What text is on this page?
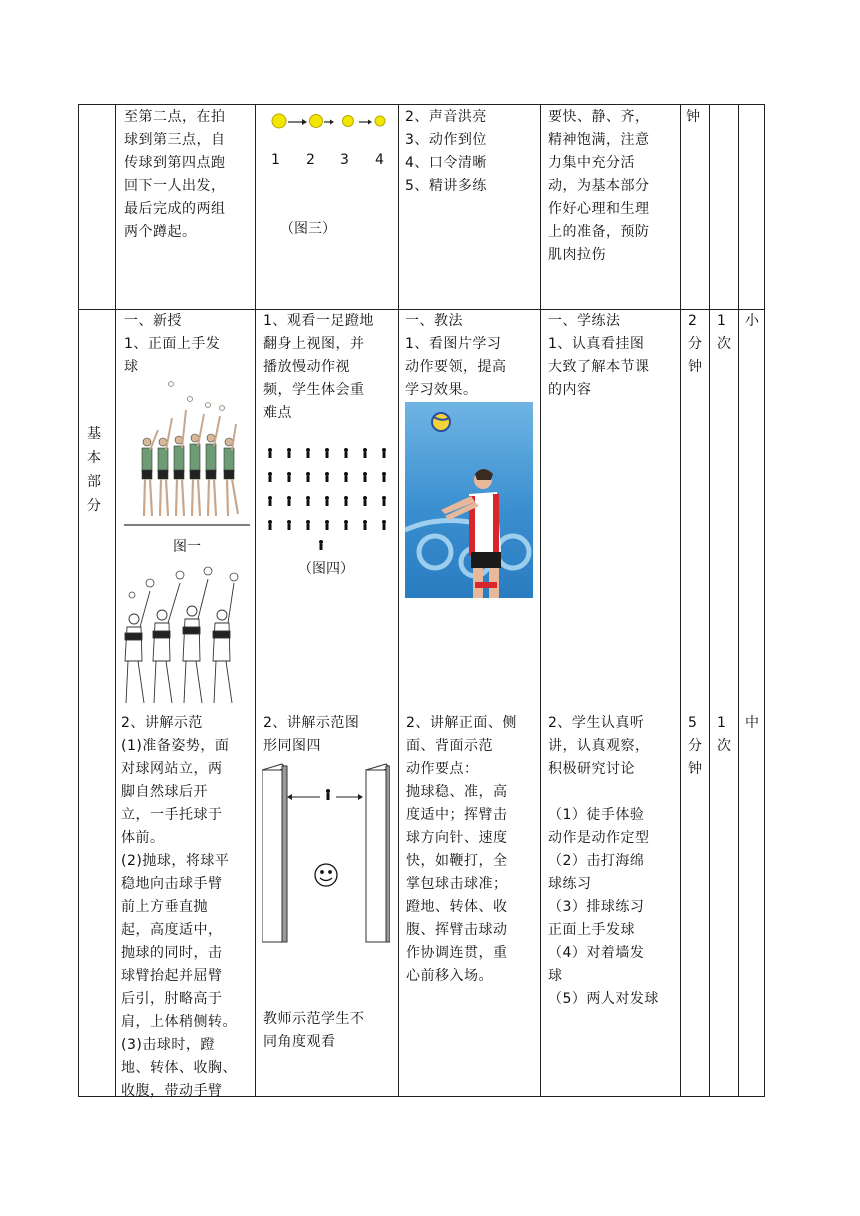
至第二点，在拍
球到第三点，自
传球到第四点跑
回下一人出发，
最后完成的两组
两个蹲起。
1 2 3 4
（图三）
2、声音洪亮
3、动作到位
4、口令清晰
5、精讲多练
要快、静、齐，
精神饱满，注意
力集中充分活
动，为基本部分
作好心理和生理
上的准备，预防
肌肉拉伤
钟
基
本
部
分
一、新授
1、正面上手发
球
图一
2、讲解示范
(1)准备姿势，面
对球网站立，两
脚自然球后开
立，一手托球于
体前。
(2)抛球，将球平
稳地向击球手臂
前上方垂直抛
起，高度适中，
抛球的同时，击
球臂抬起并屈臂
后引，肘略高于
肩，上体稍侧转。
(3)击球时，蹬
地、转体、收胸、
收腹，带动手臂
1、观看一足蹬地
翻身上视图，并
播放慢动作视
频，学生体会重
难点
（图四）
2、讲解示范图
形同图四
教师示范学生不
同角度观看
一、教法
1、看图片学习
动作要领，提高
学习效果。
2、讲解正面、侧
面、背面示范
动作要点：
抛球稳、准，高
度适中；挥臂击
球方向针、速度
快，如鞭打，全
掌包球击球准；
蹬地、转体、收
腹、挥臂击球动
作协调连贯，重
心前移入场。
一、学练法
1、认真看挂图
大致了解本节课
的内容
2、学生认真听
讲，认真观察，
积极研究讨论

（1）徒手体验
动作是动作定型
（2）击打海绵
球练习
（3）排球练习
正面上手发球
（4）对着墙发
球
（5）两人对发球
2
分
钟
1
次
小
5
分
钟
1
次
中
